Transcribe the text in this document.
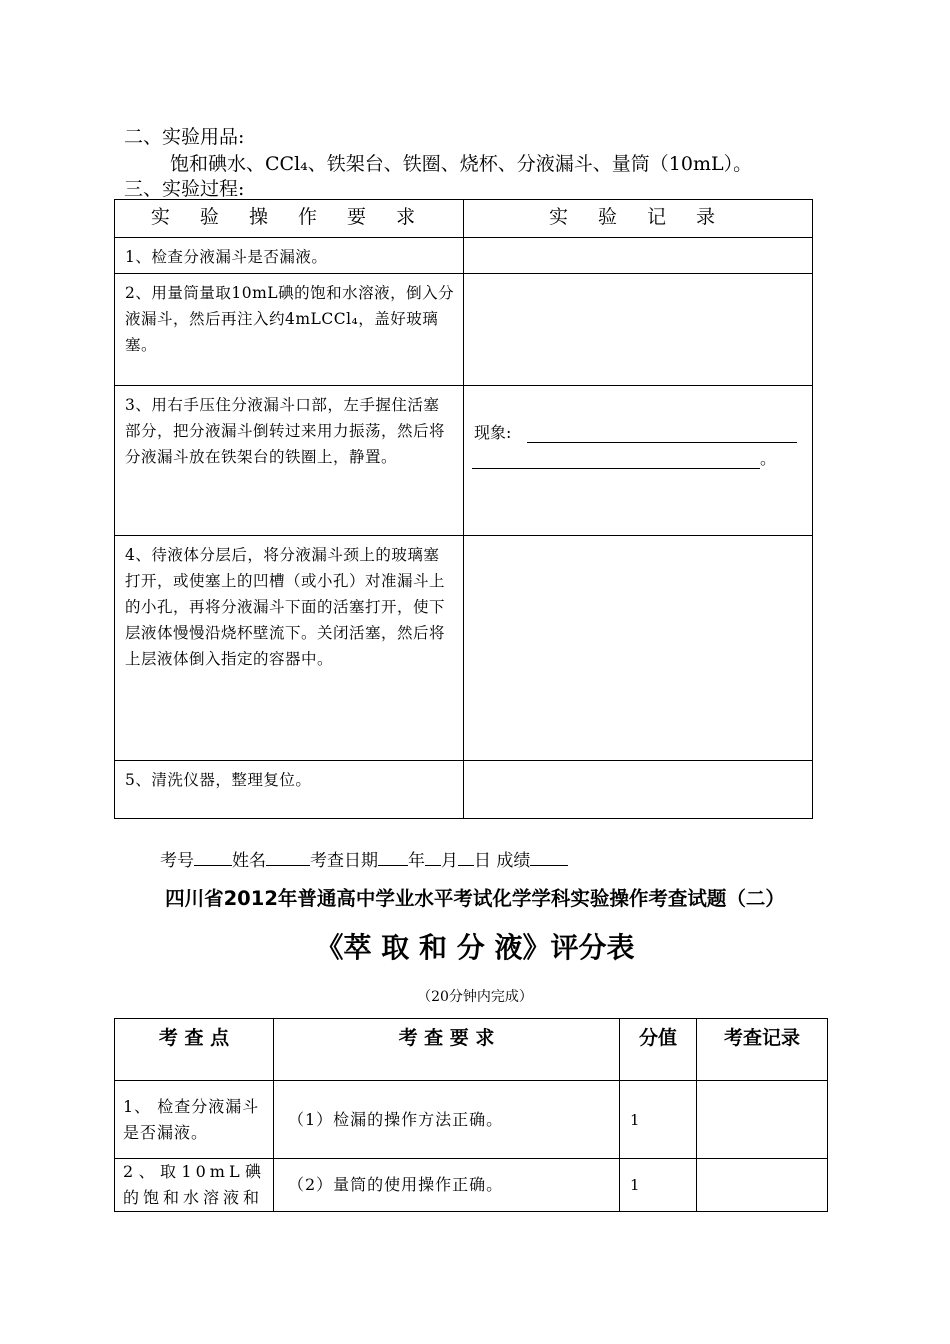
二、实验用品:
饱和碘水、CCl₄、铁架台、铁圈、烧杯、分液漏斗、量筒（10mL）。
三、实验过程:
实 验 操 作 要 求	实 验 记 录
1、检查分液漏斗是否漏液。	
2、用量筒量取10mL碘的饱和水溶液，倒入分液漏斗，然后再注入约4mLCCl₄，盖好玻璃塞。	
3、用右手压住分液漏斗口部，左手握住活塞部分，把分液漏斗倒转过来用力振荡，然后将分液漏斗放在铁架台的铁圈上，静置。	现象:
。

4、待液体分层后，将分液漏斗颈上的玻璃塞打开，或使塞上的凹槽（或小孔）对准漏斗上的小孔，再将分液漏斗下面的活塞打开，使下层液体慢慢沿烧杯壁流下。关闭活塞，然后将上层液体倒入指定的容器中。	
5、清洗仪器，整理复位。	
考号 姓名	考查日期 年 月 日 成绩
四川省2012年普通高中学业水平考试化学学科实验操作考查试题（二）
《萃 取 和 分 液》评分表
（20分钟内完成）
考 查 点	考 查 要 求	分值	考查记录
1、 检查分液漏斗是否漏液。	（1）检漏的操作方法正确。	1	

2、取10mL碘的饱和水溶液和	（2）量筒的使用操作正确。	1	
